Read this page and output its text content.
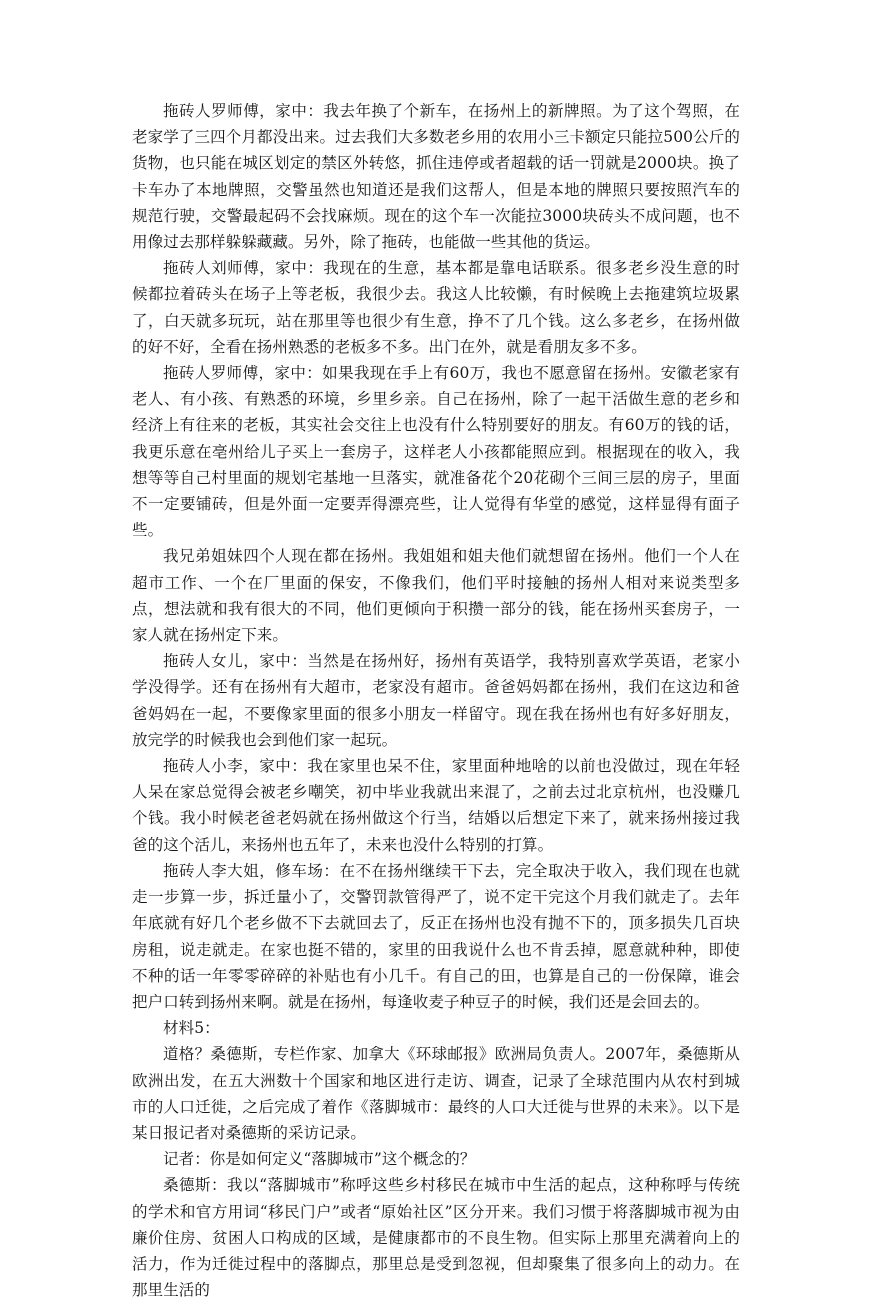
拖砖人罗师傅，家中：我去年换了个新车，在扬州上的新牌照。为了这个驾照，在老家学了三四个月都没出来。过去我们大多数老乡用的农用小三卡额定只能拉500公斤的货物，也只能在城区划定的禁区外转悠，抓住违停或者超载的话一罚就是2000块。换了卡车办了本地牌照，交警虽然也知道还是我们这帮人，但是本地的牌照只要按照汽车的规范行驶，交警最起码不会找麻烦。现在的这个车一次能拉3000块砖头不成问题，也不用像过去那样躲躲藏藏。另外，除了拖砖，也能做一些其他的货运。

拖砖人刘师傅，家中：我现在的生意，基本都是靠电话联系。很多老乡没生意的时候都拉着砖头在场子上等老板，我很少去。我这人比较懒，有时候晚上去拖建筑垃圾累了，白天就多玩玩，站在那里等也很少有生意，挣不了几个钱。这么多老乡，在扬州做的好不好，全看在扬州熟悉的老板多不多。出门在外，就是看朋友多不多。

拖砖人罗师傅，家中：如果我现在手上有60万，我也不愿意留在扬州。安徽老家有老人、有小孩、有熟悉的环境，乡里乡亲。自己在扬州，除了一起干活做生意的老乡和经济上有往来的老板，其实社会交往上也没有什么特别要好的朋友。有60万的钱的话，我更乐意在亳州给儿子买上一套房子，这样老人小孩都能照应到。根据现在的收入，我想等等自己村里面的规划宅基地一旦落实，就准备花个20花砌个三间三层的房子，里面不一定要铺砖，但是外面一定要弄得漂亮些，让人觉得有华堂的感觉，这样显得有面子些。

我兄弟姐妹四个人现在都在扬州。我姐姐和姐夫他们就想留在扬州。他们一个人在超市工作、一个在厂里面的保安，不像我们，他们平时接触的扬州人相对来说类型多点，想法就和我有很大的不同，他们更倾向于积攒一部分的钱，能在扬州买套房子，一家人就在扬州定下来。

拖砖人女儿，家中：当然是在扬州好，扬州有英语学，我特别喜欢学英语，老家小学没得学。还有在扬州有大超市，老家没有超市。爸爸妈妈都在扬州，我们在这边和爸爸妈妈在一起，不要像家里面的很多小朋友一样留守。现在我在扬州也有好多好朋友，放完学的时候我也会到他们家一起玩。

拖砖人小李，家中：我在家里也呆不住，家里面种地啥的以前也没做过，现在年轻人呆在家总觉得会被老乡嘲笑，初中毕业我就出来混了，之前去过北京杭州，也没赚几个钱。我小时候老爸老妈就在扬州做这个行当，结婚以后想定下来了，就来扬州接过我爸的这个活儿，来扬州也五年了，未来也没什么特别的打算。

拖砖人李大姐，修车场：在不在扬州继续干下去，完全取决于收入，我们现在也就走一步算一步，拆迁量小了，交警罚款管得严了，说不定干完这个月我们就走了。去年年底就有好几个老乡做不下去就回去了，反正在扬州也没有抛不下的，顶多损失几百块房租，说走就走。在家也挺不错的，家里的田我说什么也不肯丢掉，愿意就种种，即使不种的话一年零零碎碎的补贴也有小几千。有自己的田，也算是自己的一份保障，谁会把户口转到扬州来啊。就是在扬州，每逢收麦子种豆子的时候，我们还是会回去的。

材料5：

道格？桑德斯，专栏作家、加拿大《环球邮报》欧洲局负责人。2007年，桑德斯从欧洲出发，在五大洲数十个国家和地区进行走访、调查，记录了全球范围内从农村到城市的人口迁徙，之后完成了着作《落脚城市：最终的人口大迁徙与世界的未来》。以下是某日报记者对桑德斯的采访记录。

记者：你是如何定义“落脚城市”这个概念的？

桑德斯：我以“落脚城市”称呼这些乡村移民在城市中生活的起点，这种称呼与传统的学术和官方用词“移民门户”或者“原始社区”区分开来。我们习惯于将落脚城市视为由廉价住房、贫困人口构成的区域，是健康都市的不良生物。但实际上那里充满着向上的活力，作为迁徙过程中的落脚点，那里总是受到忽视，但却聚集了很多向上的动力。在那里生活的
